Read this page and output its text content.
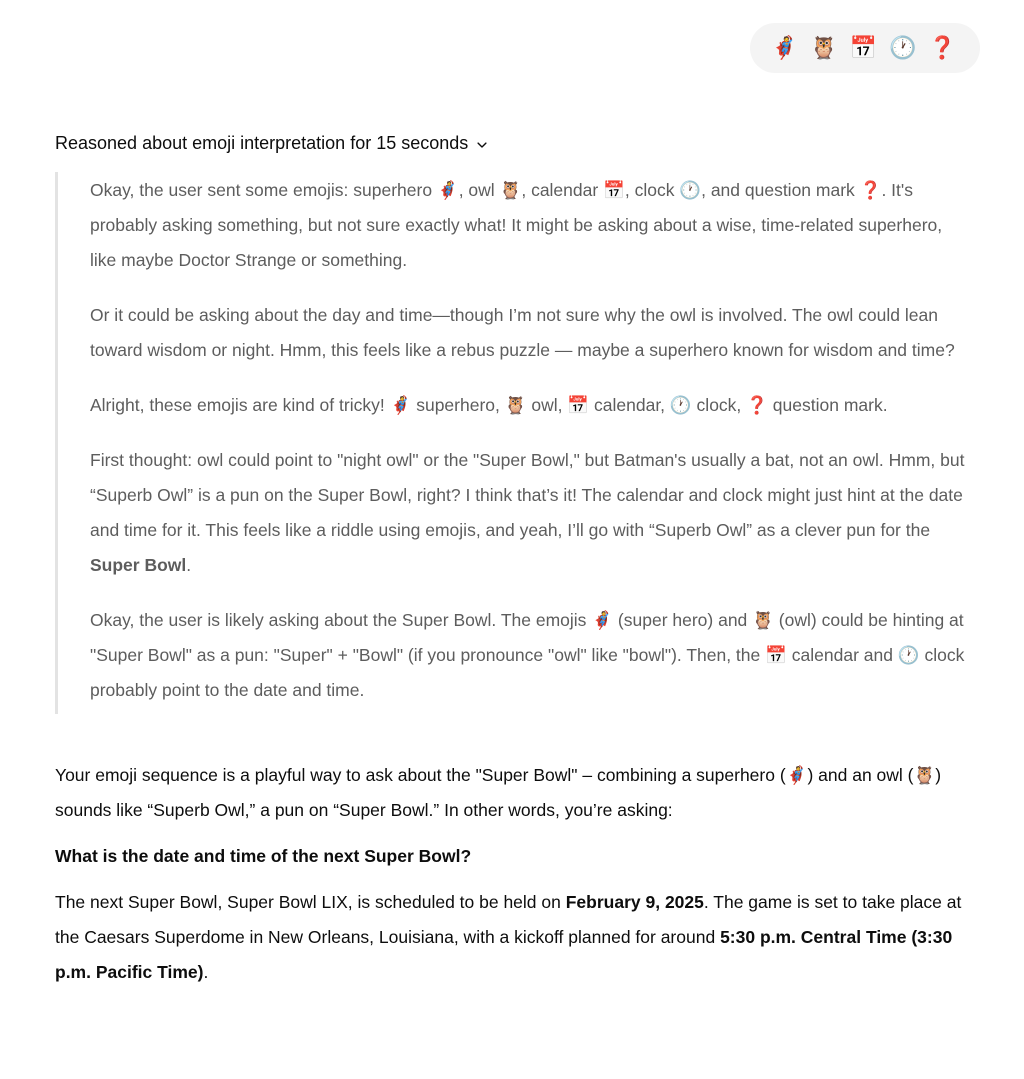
🦸 🦉 📅 🕐 ❓
Reasoned about emoji interpretation for 15 seconds

Okay, the user sent some emojis: superhero 🦸, owl 🦉, calendar 📅, clock 🕐, and question mark ❓. It's probably asking something, but not sure exactly what! It might be asking about a wise, time-related superhero, like maybe Doctor Strange or something.

Or it could be asking about the day and time—though I’m not sure why the owl is involved. The owl could lean toward wisdom or night. Hmm, this feels like a rebus puzzle — maybe a superhero known for wisdom and time?

Alright, these emojis are kind of tricky! 🦸 superhero, 🦉 owl, 📅 calendar, 🕐 clock, ❓ question mark.

First thought: owl could point to "night owl" or the "Super Bowl," but Batman's usually a bat, not an owl. Hmm, but “Superb Owl” is a pun on the Super Bowl, right? I think that’s it! The calendar and clock might just hint at the date and time for it. This feels like a riddle using emojis, and yeah, I’ll go with “Superb Owl” as a clever pun for the Super Bowl.

Okay, the user is likely asking about the Super Bowl. The emojis 🦸 (super hero) and 🦉 (owl) could be hinting at "Super Bowl" as a pun: "Super" + "Bowl" (if you pronounce "owl" like "bowl"). Then, the 📅 calendar and 🕐 clock probably point to the date and time.

Your emoji sequence is a playful way to ask about the "Super Bowl" – combining a superhero (🦸) and an owl (🦉) sounds like “Superb Owl,” a pun on “Super Bowl.” In other words, you’re asking:

What is the date and time of the next Super Bowl?

The next Super Bowl, Super Bowl LIX, is scheduled to be held on February 9, 2025. The game is set to take place at the Caesars Superdome in New Orleans, Louisiana, with a kickoff planned for around 5:30 p.m. Central Time (3:30 p.m. Pacific Time).
